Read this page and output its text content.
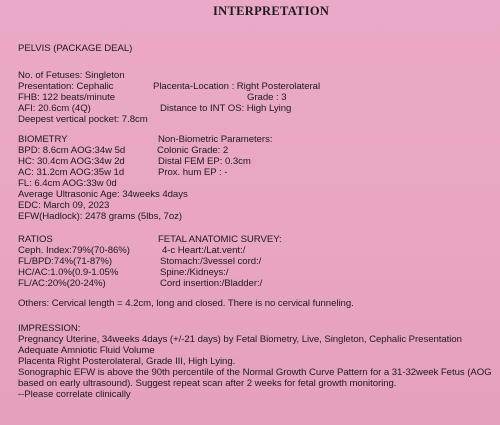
INTERPRETATION
PELVIS (PACKAGE DEAL)
No. of Fetuses: Singleton
Presentation: Cephalic	Placenta-Location : Right Posterolateral
FHB: 122 beats/minute	Grade : 3
AFI: 20.6cm (4Q)	Distance to INT OS: High Lying
Deepest vertical pocket: 7.8cm
BIOMETRY	Non-Biometric Parameters:
BPD: 8.6cm AOG:34w 5d	Colonic Grade: 2
HC: 30.4cm AOG:34w 2d	Distal FEM EP: 0.3cm
AC: 31.2cm AOG:35w 1d	Prox. hum EP : -
FL: 6.4cm AOG:33w 0d
Average Ultrasonic Age: 34weeks 4days
EDC: March 09, 2023
EFW(Hadlock): 2478 grams (5lbs, 7oz)
RATIOS	FETAL ANATOMIC SURVEY:
Ceph. Index:79%(70-86%)	4-c Heart:/Lat.vent:/
FL/BPD:74%(71-87%)	Stomach:/3vessel cord:/
HC/AC:1.0%(0.9-1.05%	Spine:/Kidneys:/
FL/AC:20%(20-24%)	Cord insertion:/Bladder:/
Others: Cervical length = 4.2cm, long and closed. There is no cervical funneling.
IMPRESSION:
Pregnancy Uterine, 34weeks 4days (+/-21 days) by Fetal Biometry, Live, Singleton, Cephalic Presentation
Adequate Amniotic Fluid Volume
Placenta Right Posterolateral, Grade III, High Lying.
Sonographic EFW is above the 90th percentile of the Normal Growth Curve Pattern for a 31-32week Fetus (AOG
based on early ultrasound). Suggest repeat scan after 2 weeks for fetal growth monitoring.
--Please correlate clinically
